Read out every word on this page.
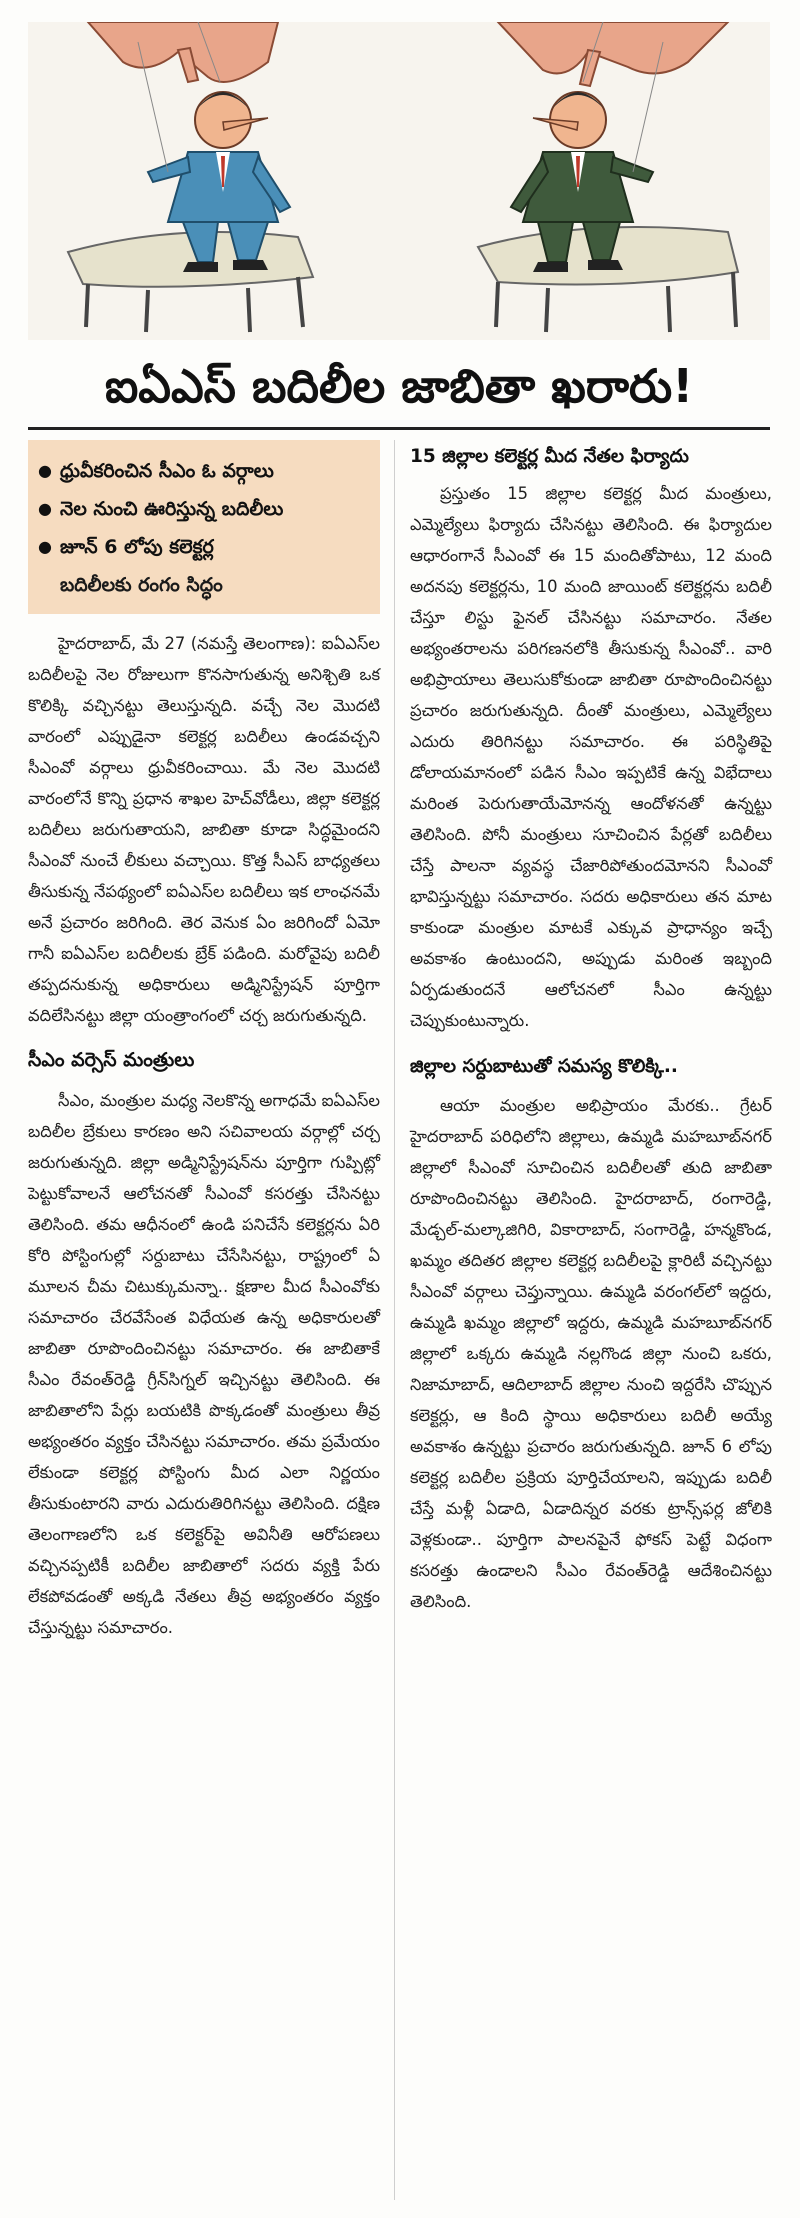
ఐఏఎస్ బదిలీల జాబితా ఖరారు!
● ధ్రువీకరించిన సీఎం ఓ వర్గాలు
● నెల నుంచి ఊరిస్తున్న బదిలీలు
● జూన్ 6 లోపు కలెక్టర్ల
బదిలీలకు రంగం సిద్ధం

హైదరాబాద్, మే 27 (నమస్తే తెలంగాణ): ఐఏఎస్‌ల బదిలీలపై నెల రోజులుగా కొనసాగుతున్న అనిశ్చితి ఒక కొలిక్కి వచ్చినట్టు తెలుస్తున్నది. వచ్చే నెల మొదటి వారంలో ఎప్పుడైనా కలెక్టర్ల బదిలీలు ఉండవచ్చని సీఎంవో వర్గాలు ధ్రువీకరించాయి. మే నెల మొదటి వారంలోనే కొన్ని ప్రధాన శాఖల హెచ్‌వోడీలు, జిల్లా కలెక్టర్ల బదిలీలు జరుగుతాయని, జాబితా కూడా సిద్ధమైందని సీఎంవో నుంచే లీకులు వచ్చాయి. కొత్త సీఎస్ బాధ్యతలు తీసుకున్న నేపథ్యంలో ఐఏఎస్‌ల బదిలీలు ఇక లాంఛనమే అనే ప్రచారం జరిగింది. తెర వెనుక ఏం జరిగిందో ఏమో గానీ ఐఏఎస్‌ల బదిలీలకు బ్రేక్ పడింది. మరోవైపు బదిలీ తప్పదనుకున్న అధికారులు అడ్మినిస్ట్రేషన్ పూర్తిగా వదిలేసినట్టు జిల్లా యంత్రాంగంలో చర్చ జరుగుతున్నది.

సీఎం వర్సెస్ మంత్రులు

సీఎం, మంత్రుల మధ్య నెలకొన్న అగాధమే ఐఏఎస్‌ల బదిలీల బ్రేకులు కారణం అని సచివాలయ వర్గాల్లో చర్చ జరుగుతున్నది. జిల్లా అడ్మినిస్ట్రేషన్‌ను పూర్తిగా గుప్పిట్లో పెట్టుకోవాలనే ఆలోచనతో సీఎంవో కసరత్తు చేసినట్టు తెలిసింది. తమ ఆధీనంలో ఉండి పనిచేసే కలెక్టర్లను ఏరి కోరి పోస్టింగుల్లో సర్దుబాటు చేసేసినట్టు, రాష్ట్రంలో ఏ మూలన చీమ చిటుక్కుమన్నా.. క్షణాల మీద సీఎంవోకు సమాచారం చేరవేసేంత విధేయత ఉన్న అధికారులతో జాబితా రూపొందించినట్టు సమాచారం. ఈ జాబితాకే సీఎం రేవంత్‌రెడ్డి గ్రీన్‌సిగ్నల్ ఇచ్చినట్టు తెలిసింది. ఈ జాబితాలోని పేర్లు బయటికి పొక్కడంతో మంత్రులు తీవ్ర అభ్యంతరం వ్యక్తం చేసినట్టు సమాచారం. తమ ప్రమేయం లేకుండా కలెక్టర్ల పోస్టింగు మీద ఎలా నిర్ణయం తీసుకుంటారని వారు ఎదురుతిరిగినట్టు తెలిసింది. దక్షిణ తెలంగాణలోని ఒక కలెక్టర్‌పై అవినీతి ఆరోపణలు వచ్చినప్పటికీ బదిలీల జాబితాలో సదరు వ్యక్తి పేరు లేకపోవడంతో అక్కడి నేతలు తీవ్ర అభ్యంతరం వ్యక్తం చేస్తున్నట్టు సమాచారం.

15 జిల్లాల కలెక్టర్ల మీద నేతల ఫిర్యాదు

ప్రస్తుతం 15 జిల్లాల కలెక్టర్ల మీద మంత్రులు, ఎమ్మెల్యేలు ఫిర్యాదు చేసినట్టు తెలిసింది. ఈ ఫిర్యాదుల ఆధారంగానే సీఎంవో ఈ 15 మందితోపాటు, 12 మంది అదనపు కలెక్టర్లను, 10 మంది జాయింట్ కలెక్టర్లను బదిలీ చేస్తూ లిస్టు ఫైనల్ చేసినట్టు సమాచారం. నేతల అభ్యంతరాలను పరిగణనలోకి తీసుకున్న సీఎంవో.. వారి అభిప్రాయాలు తెలుసుకోకుండా జాబితా రూపొందించినట్టు ప్రచారం జరుగుతున్నది. దీంతో మంత్రులు, ఎమ్మెల్యేలు ఎదురు తిరిగినట్టు సమాచారం. ఈ పరిస్థితిపై డోలాయమానంలో పడిన సీఎం ఇప్పటికే ఉన్న విభేదాలు మరింత పెరుగుతాయేమోనన్న ఆందోళనతో ఉన్నట్టు తెలిసింది. పోనీ మంత్రులు సూచించిన పేర్లతో బదిలీలు చేస్తే పాలనా వ్యవస్థ చేజారిపోతుందమోనని సీఎంవో భావిస్తున్నట్టు సమాచారం. సదరు అధికారులు తన మాట కాకుండా మంత్రుల మాటకే ఎక్కువ ప్రాధాన్యం ఇచ్చే అవకాశం ఉంటుందని, అప్పుడు మరింత ఇబ్బంది ఏర్పడుతుందనే ఆలోచనలో సీఎం ఉన్నట్టు చెప్పుకుంటున్నారు.

జిల్లాల సర్దుబాటుతో సమస్య కొలిక్కి..

ఆయా మంత్రుల అభిప్రాయం మేరకు.. గ్రేటర్ హైదరాబాద్ పరిధిలోని జిల్లాలు, ఉమ్మడి మహబూబ్‌నగర్ జిల్లాలో సీఎంవో సూచించిన బదిలీలతో తుది జాబితా రూపొందించినట్టు తెలిసింది. హైదరాబాద్, రంగారెడ్డి, మేడ్చల్-మల్కాజిగిరి, వికారాబాద్, సంగారెడ్డి, హన్మకొండ, ఖమ్మం తదితర జిల్లాల కలెక్టర్ల బదిలీలపై క్లారిటీ వచ్చినట్టు సీఎంవో వర్గాలు చెప్తున్నాయి. ఉమ్మడి వరంగల్‌లో ఇద్దరు, ఉమ్మడి ఖమ్మం జిల్లాలో ఇద్దరు, ఉమ్మడి మహబూబ్‌నగర్ జిల్లాలో ఒక్కరు ఉమ్మడి నల్లగొండ జిల్లా నుంచి ఒకరు, నిజామాబాద్, ఆదిలాబాద్ జిల్లాల నుంచి ఇద్దరేసి చొప్పున కలెక్టర్లు, ఆ కింది స్థాయి అధికారులు బదిలీ అయ్యే అవకాశం ఉన్నట్టు ప్రచారం జరుగుతున్నది. జూన్ 6 లోపు కలెక్టర్ల బదిలీల ప్రక్రియ పూర్తిచేయాలని, ఇప్పుడు బదిలీ చేస్తే మళ్లీ ఏడాది, ఏడాదిన్నర వరకు ట్రాన్స్‌ఫర్ల జోలికి వెళ్లకుండా.. పూర్తిగా పాలనపైనే ఫోకస్ పెట్టే విధంగా కసరత్తు ఉండాలని సీఎం రేవంత్‌రెడ్డి ఆదేశించినట్టు తెలిసింది.
